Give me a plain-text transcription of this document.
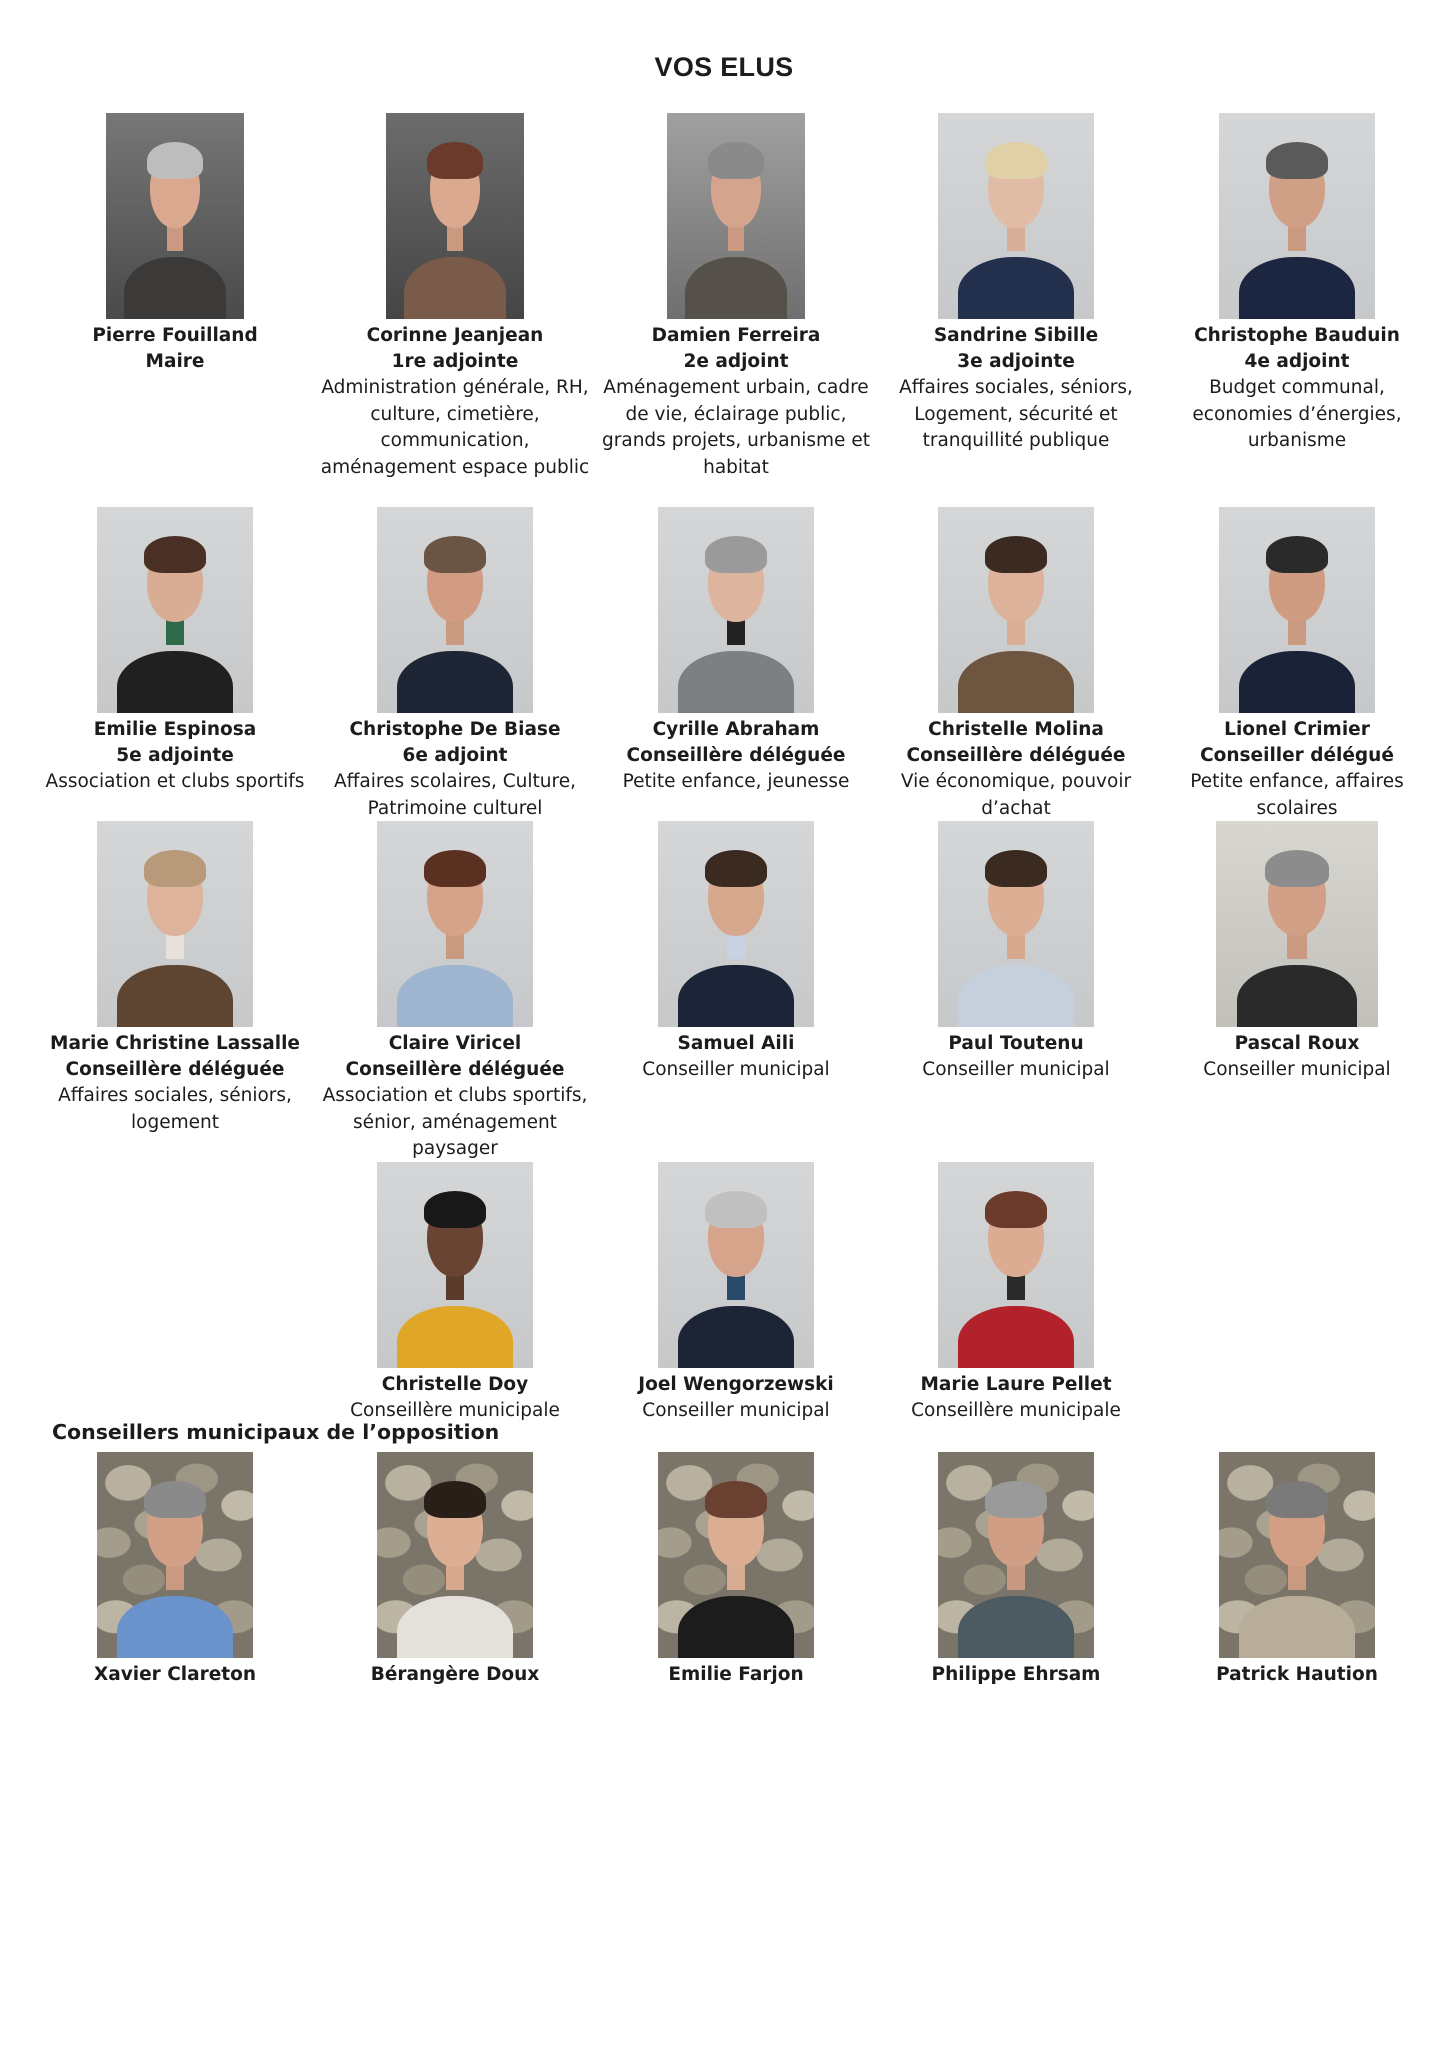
VOS ELUS
Pierre Fouilland
Maire
Corinne Jeanjean
1re adjointe
Administration générale, RH, culture, cimetière, communication, aménagement espace public
Damien Ferreira
2e adjoint
Aménagement urbain, cadre de vie, éclairage public, grands projets, urbanisme et habitat
Sandrine Sibille
3e adjointe
Affaires sociales, séniors, Logement, sécurité et tranquillité publique
Christophe Bauduin
4e adjoint
Budget communal, economies d’énergies, urbanisme
Emilie Espinosa
5e adjointe
Association et clubs sportifs
Christophe De Biase
6e adjoint
Affaires scolaires, Culture, Patrimoine culturel
Cyrille Abraham
Conseillère déléguée
Petite enfance, jeunesse
Christelle Molina
Conseillère déléguée
Vie économique, pouvoir d’achat
Lionel Crimier
Conseiller délégué
Petite enfance, affaires scolaires
Marie Christine Lassalle
Conseillère déléguée
Affaires sociales, séniors, logement
Claire Viricel
Conseillère déléguée
Association et clubs sportifs, sénior, aménagement paysager
Samuel Aili
Conseiller municipal
Paul Toutenu
Conseiller municipal
Pascal Roux
Conseiller municipal
Christelle Doy
Conseillère municipale
Joel Wengorzewski
Conseiller municipal
Marie Laure Pellet
Conseillère municipale
Conseillers municipaux de l’opposition
Xavier Clareton	Bérangère Doux	Emilie Farjon	Philippe Ehrsam	Patrick Haution
